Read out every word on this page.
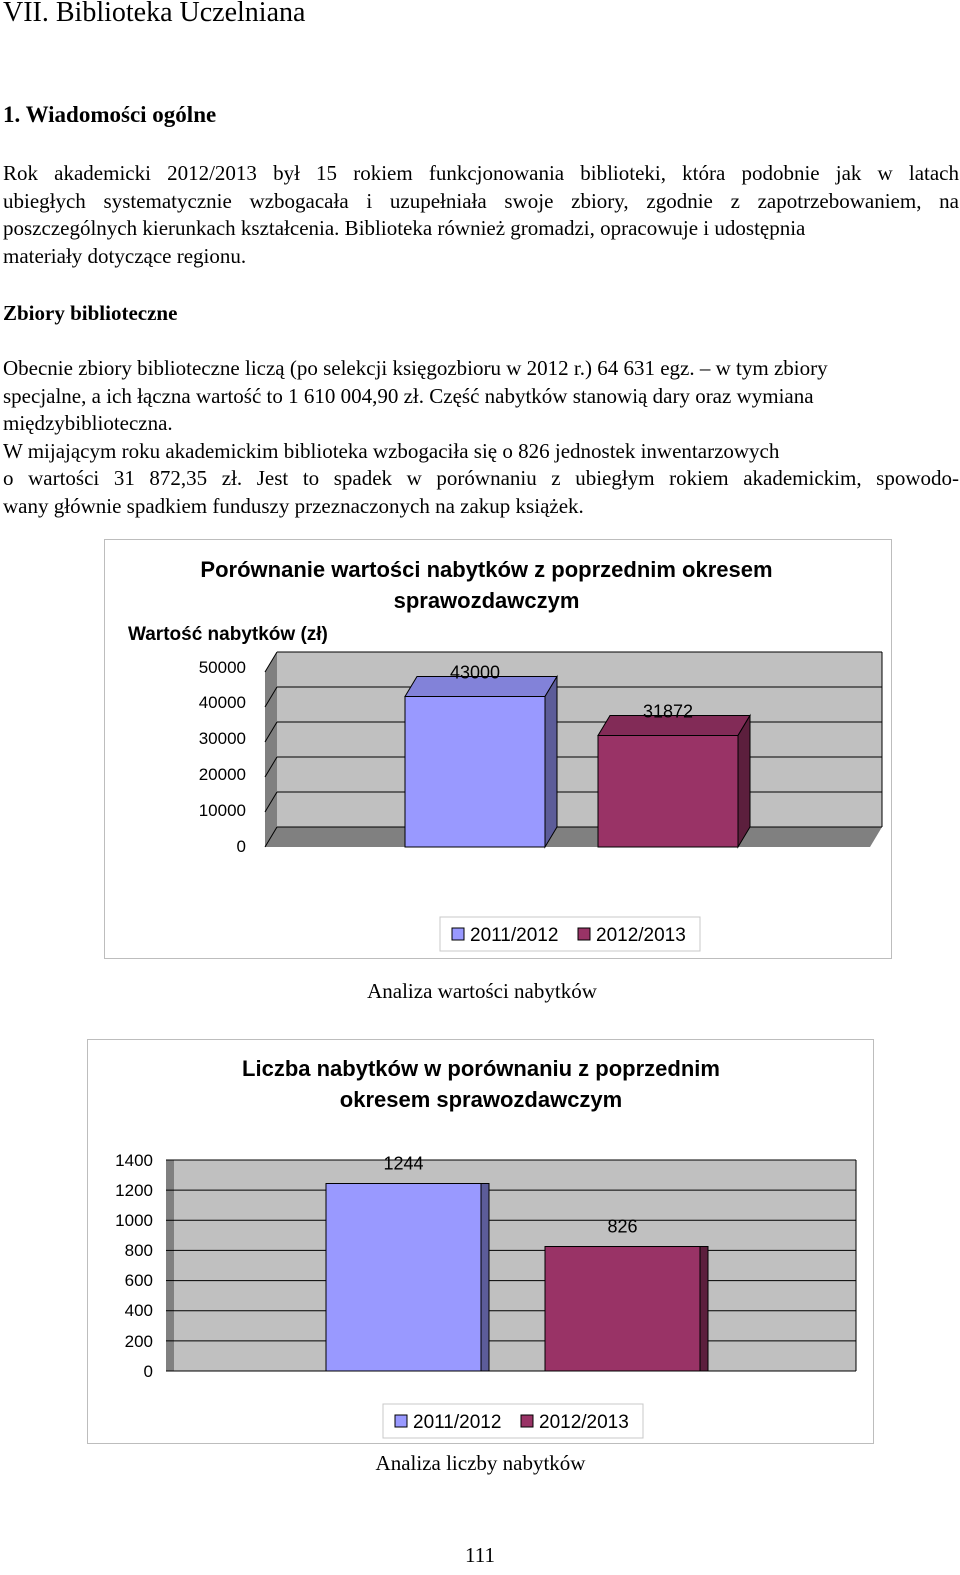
VII. Biblioteka Uczelniana
1. Wiadomości ogólne
Rok akademicki 2012/2013 był 15 rokiem funkcjonowania biblioteki, która podobnie jak w latach
ubiegłych systematycznie wzbogacała i uzupełniała swoje zbiory, zgodnie z zapotrzebowaniem, na
poszczególnych kierunkach kształcenia. Biblioteka również gromadzi, opracowuje i udostępnia
materiały dotyczące regionu.
Zbiory biblioteczne
Obecnie zbiory biblioteczne liczą (po selekcji księgozbioru w 2012 r.) 64 631 egz. – w tym zbiory
specjalne, a ich łączna wartość to 1 610 004,90 zł. Część nabytków stanowią dary oraz wymiana
międzybiblioteczna.
W mijającym roku akademickim biblioteka wzbogaciła się o 826 jednostek inwentarzowych
o wartości 31 872,35 zł. Jest to spadek w porównaniu z ubiegłym rokiem akademickim, spowodo-
wany głównie spadkiem funduszy przeznaczonych na zakup książek.
Porównanie wartości nabytków z poprzednim okresem
sprawozdawczym
0
10000
20000
30000
40000
50000	43000
31872
Wartość nabytków (zł)
2011/2012 2012/2013
Analiza wartości nabytków
Liczba nabytków w porównaniu z poprzednim
okresem sprawozdawczym
0
200
400
600
800
1000
1200
1400	1244
826
2011/2012 2012/2013
Analiza liczby nabytków
111
